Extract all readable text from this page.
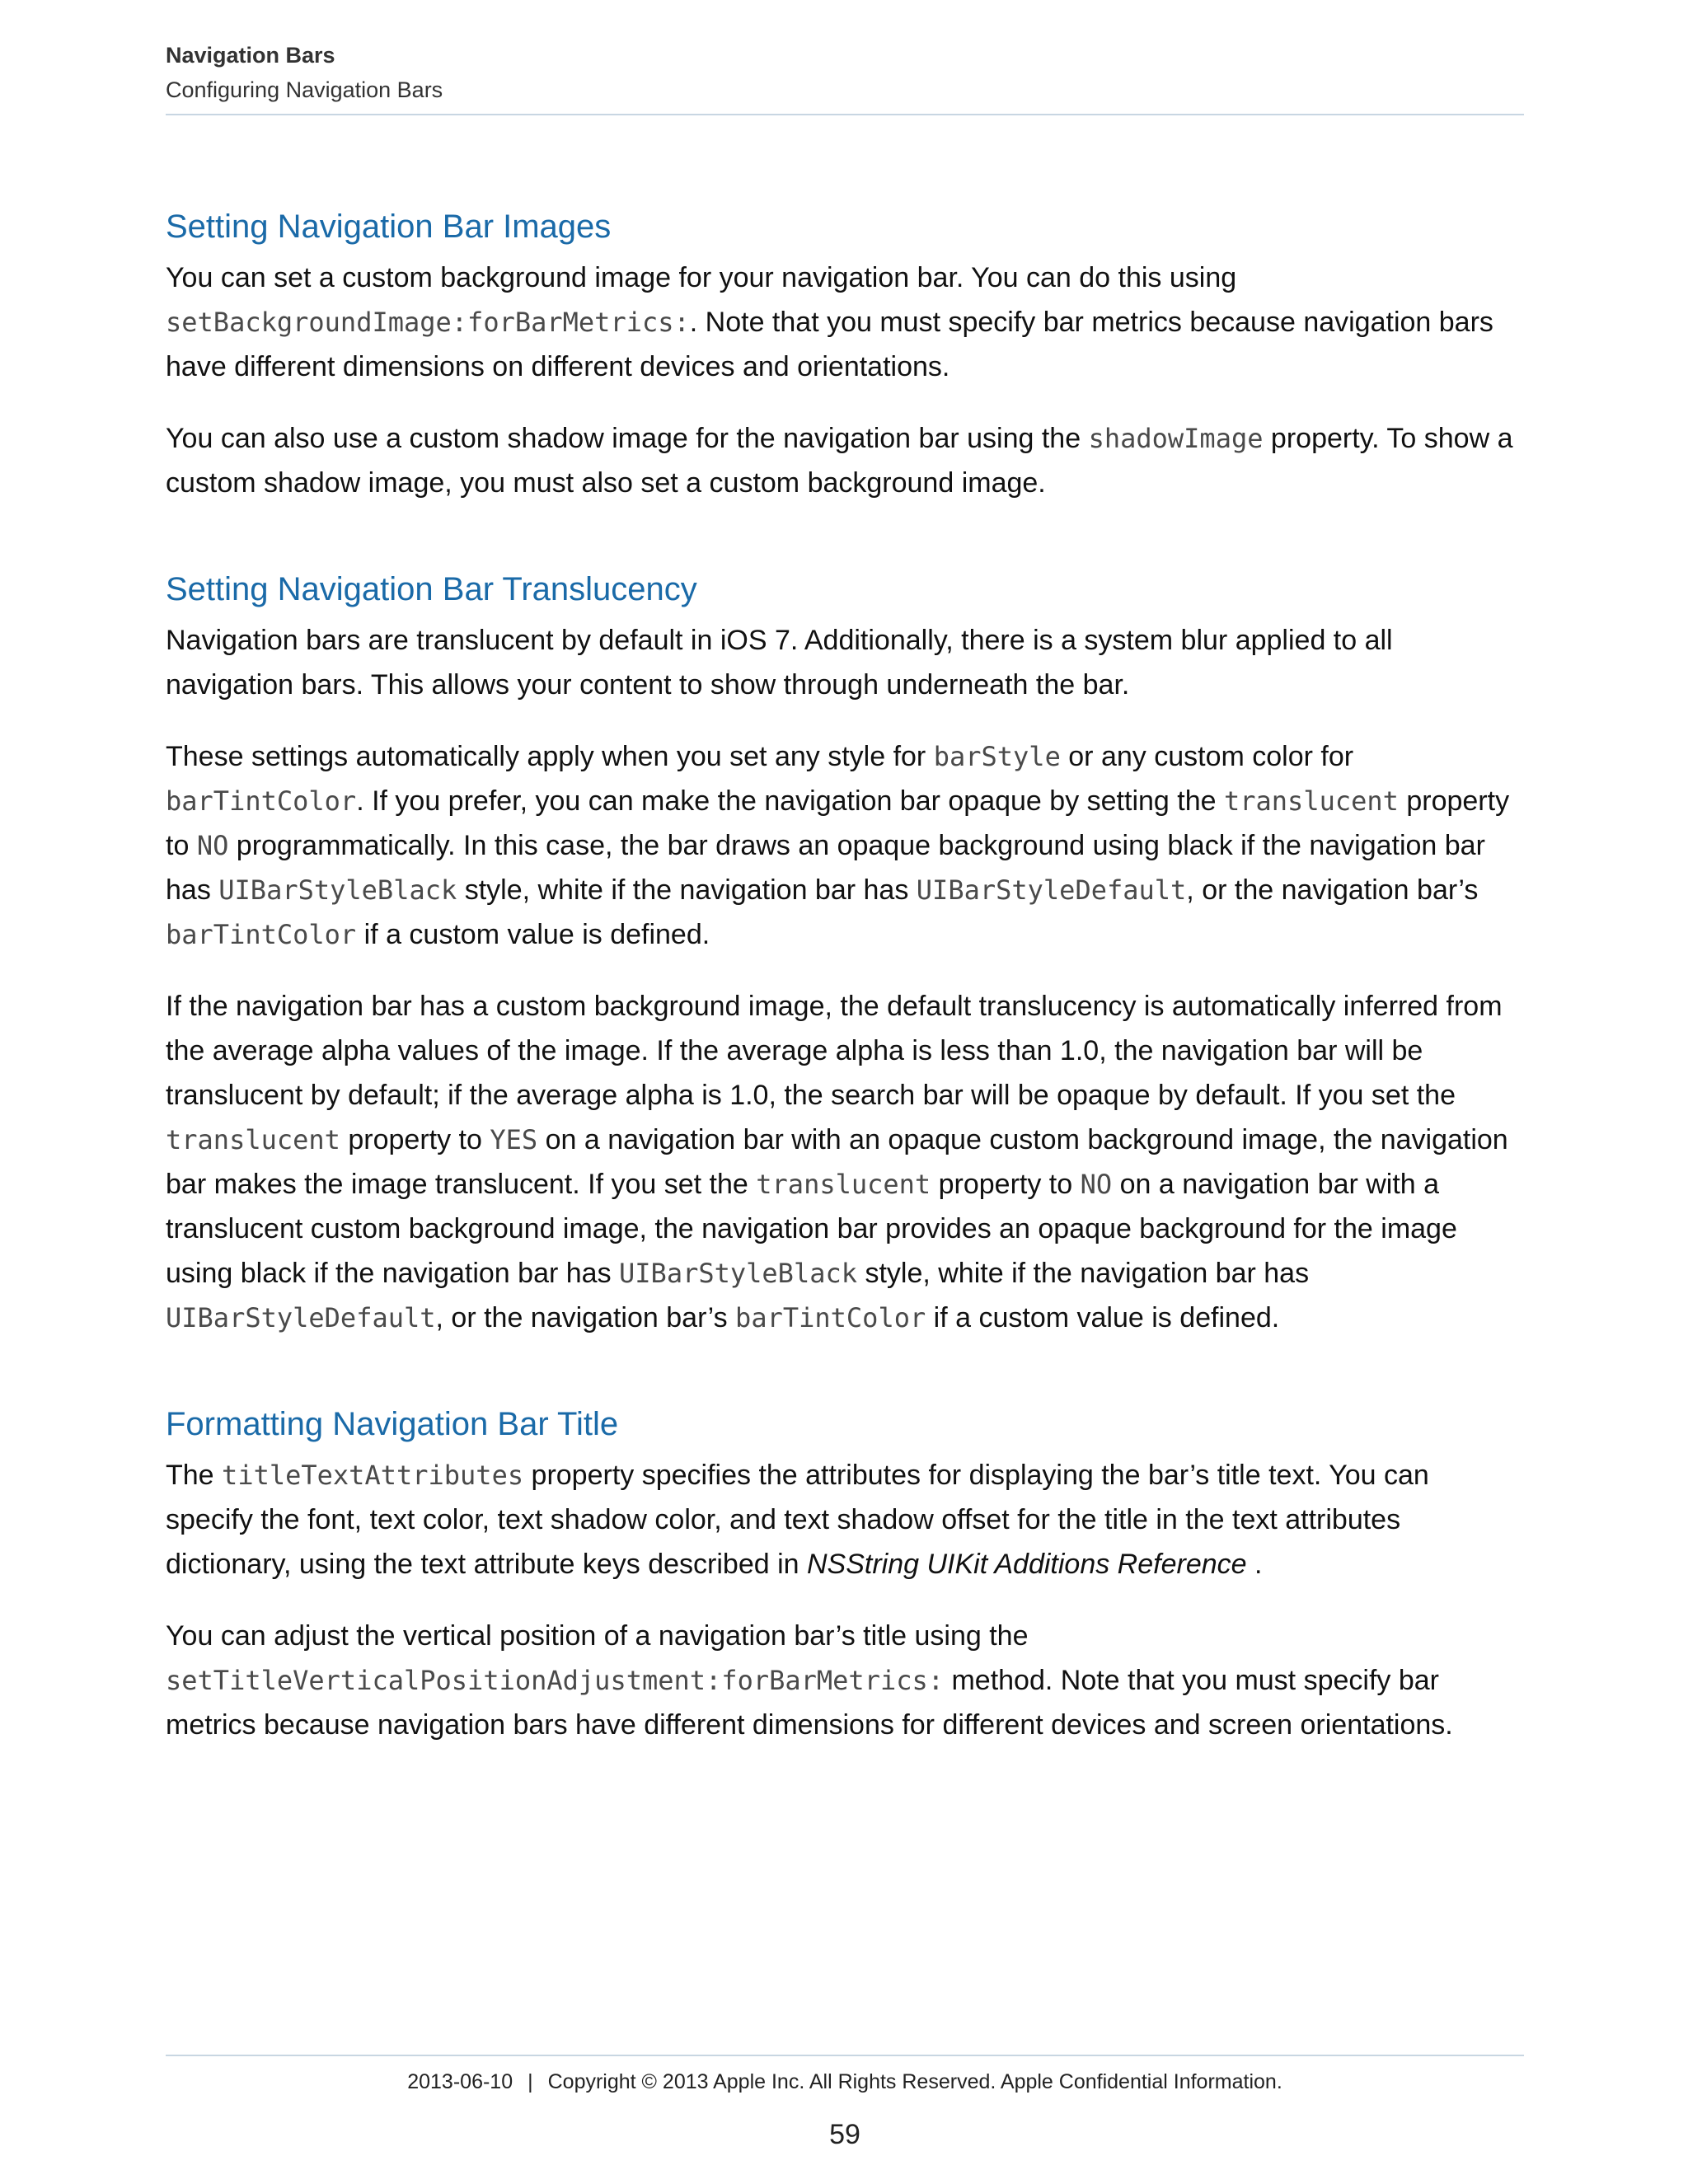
Navigation Bars
Configuring Navigation Bars
Setting Navigation Bar Images

You can set a custom background image for your navigation bar. You can do this using setBackgroundImage:forBarMetrics:. Note that you must specify bar metrics because navigation bars have different dimensions on different devices and orientations.

You can also use a custom shadow image for the navigation bar using the shadowImage property. To show a custom shadow image, you must also set a custom background image.

Setting Navigation Bar Translucency

Navigation bars are translucent by default in iOS 7. Additionally, there is a system blur applied to all navigation bars. This allows your content to show through underneath the bar.

These settings automatically apply when you set any style for barStyle or any custom color for barTintColor. If you prefer, you can make the navigation bar opaque by setting the translucent property to NO programmatically. In this case, the bar draws an opaque background using black if the navigation bar has UIBarStyleBlack style, white if the navigation bar has UIBarStyleDefault, or the navigation bar’s barTintColor if a custom value is defined.

If the navigation bar has a custom background image, the default translucency is automatically inferred from the average alpha values of the image. If the average alpha is less than 1.0, the navigation bar will be translucent by default; if the average alpha is 1.0, the search bar will be opaque by default. If you set the translucent property to YES on a navigation bar with an opaque custom background image, the navigation bar makes the image translucent. If you set the translucent property to NO on a navigation bar with a translucent custom background image, the navigation bar provides an opaque background for the image using black if the navigation bar has UIBarStyleBlack style, white if the navigation bar has UIBarStyleDefault, or the navigation bar’s barTintColor if a custom value is defined.

Formatting Navigation Bar Title

The titleTextAttributes property specifies the attributes for displaying the bar’s title text. You can specify the font, text color, text shadow color, and text shadow offset for the title in the text attributes dictionary, using the text attribute keys described in NSString UIKit Additions Reference .

You can adjust the vertical position of a navigation bar’s title using the setTitleVerticalPositionAdjustment:forBarMetrics: method. Note that you must specify bar metrics because navigation bars have different dimensions for different devices and screen orientations.

2013-06-10 | Copyright © 2013 Apple Inc. All Rights Reserved. Apple Confidential Information.
59
